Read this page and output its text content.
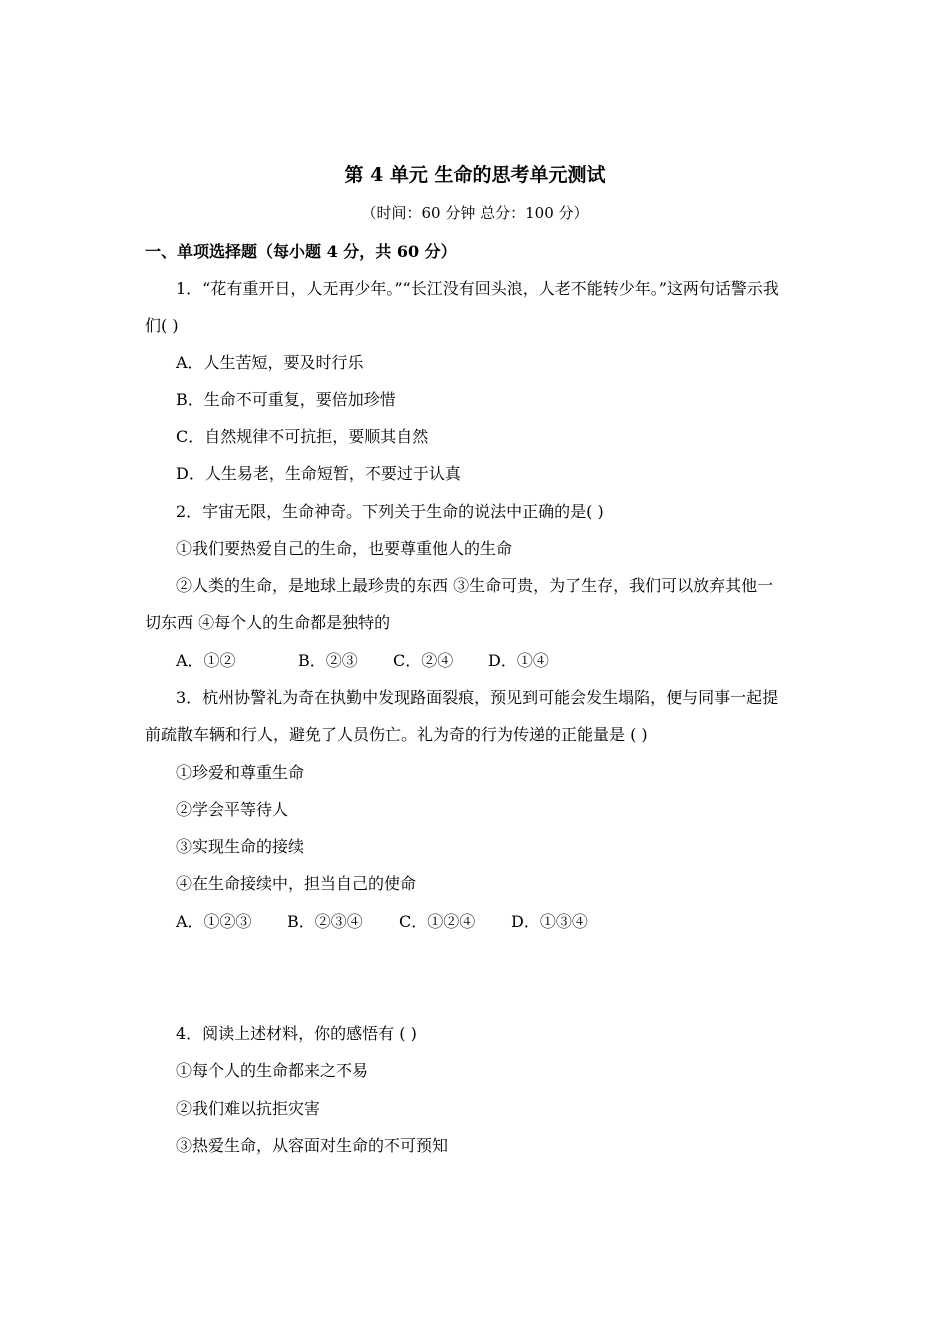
第 4 单元 生命的思考单元测试
（时间：60 分钟 总分：100 分）
一、单项选择题（每小题 4 分，共 60 分）
1．“花有重开日，人无再少年。”“长江没有回头浪，人老不能转少年。”这两句话警示我
们( )
A．人生苦短，要及时行乐
B．生命不可重复，要倍加珍惜
C．自然规律不可抗拒，要顺其自然
D．人生易老，生命短暂，不要过于认真
2．宇宙无限，生命神奇。下列关于生命的说法中正确的是( )
①我们要热爱自己的生命，也要尊重他人的生命
②人类的生命，是地球上最珍贵的东西 ③生命可贵，为了生存，我们可以放弃其他一
切东西 ④每个人的生命都是独特的
A．①②	B．②③	C．②④	D．①④
3．杭州协警礼为奇在执勤中发现路面裂痕，预见到可能会发生塌陷，便与同事一起提
前疏散车辆和行人，避免了人员伤亡。礼为奇的行为传递的正能量是 ( )
①珍爱和尊重生命
②学会平等待人
③实现生命的接续
④在生命接续中，担当自己的使命
A．①②③	B．②③④	C．①②④	D．①③④
4．阅读上述材料，你的感悟有 ( )
①每个人的生命都来之不易
②我们难以抗拒灾害
③热爱生命，从容面对生命的不可预知
